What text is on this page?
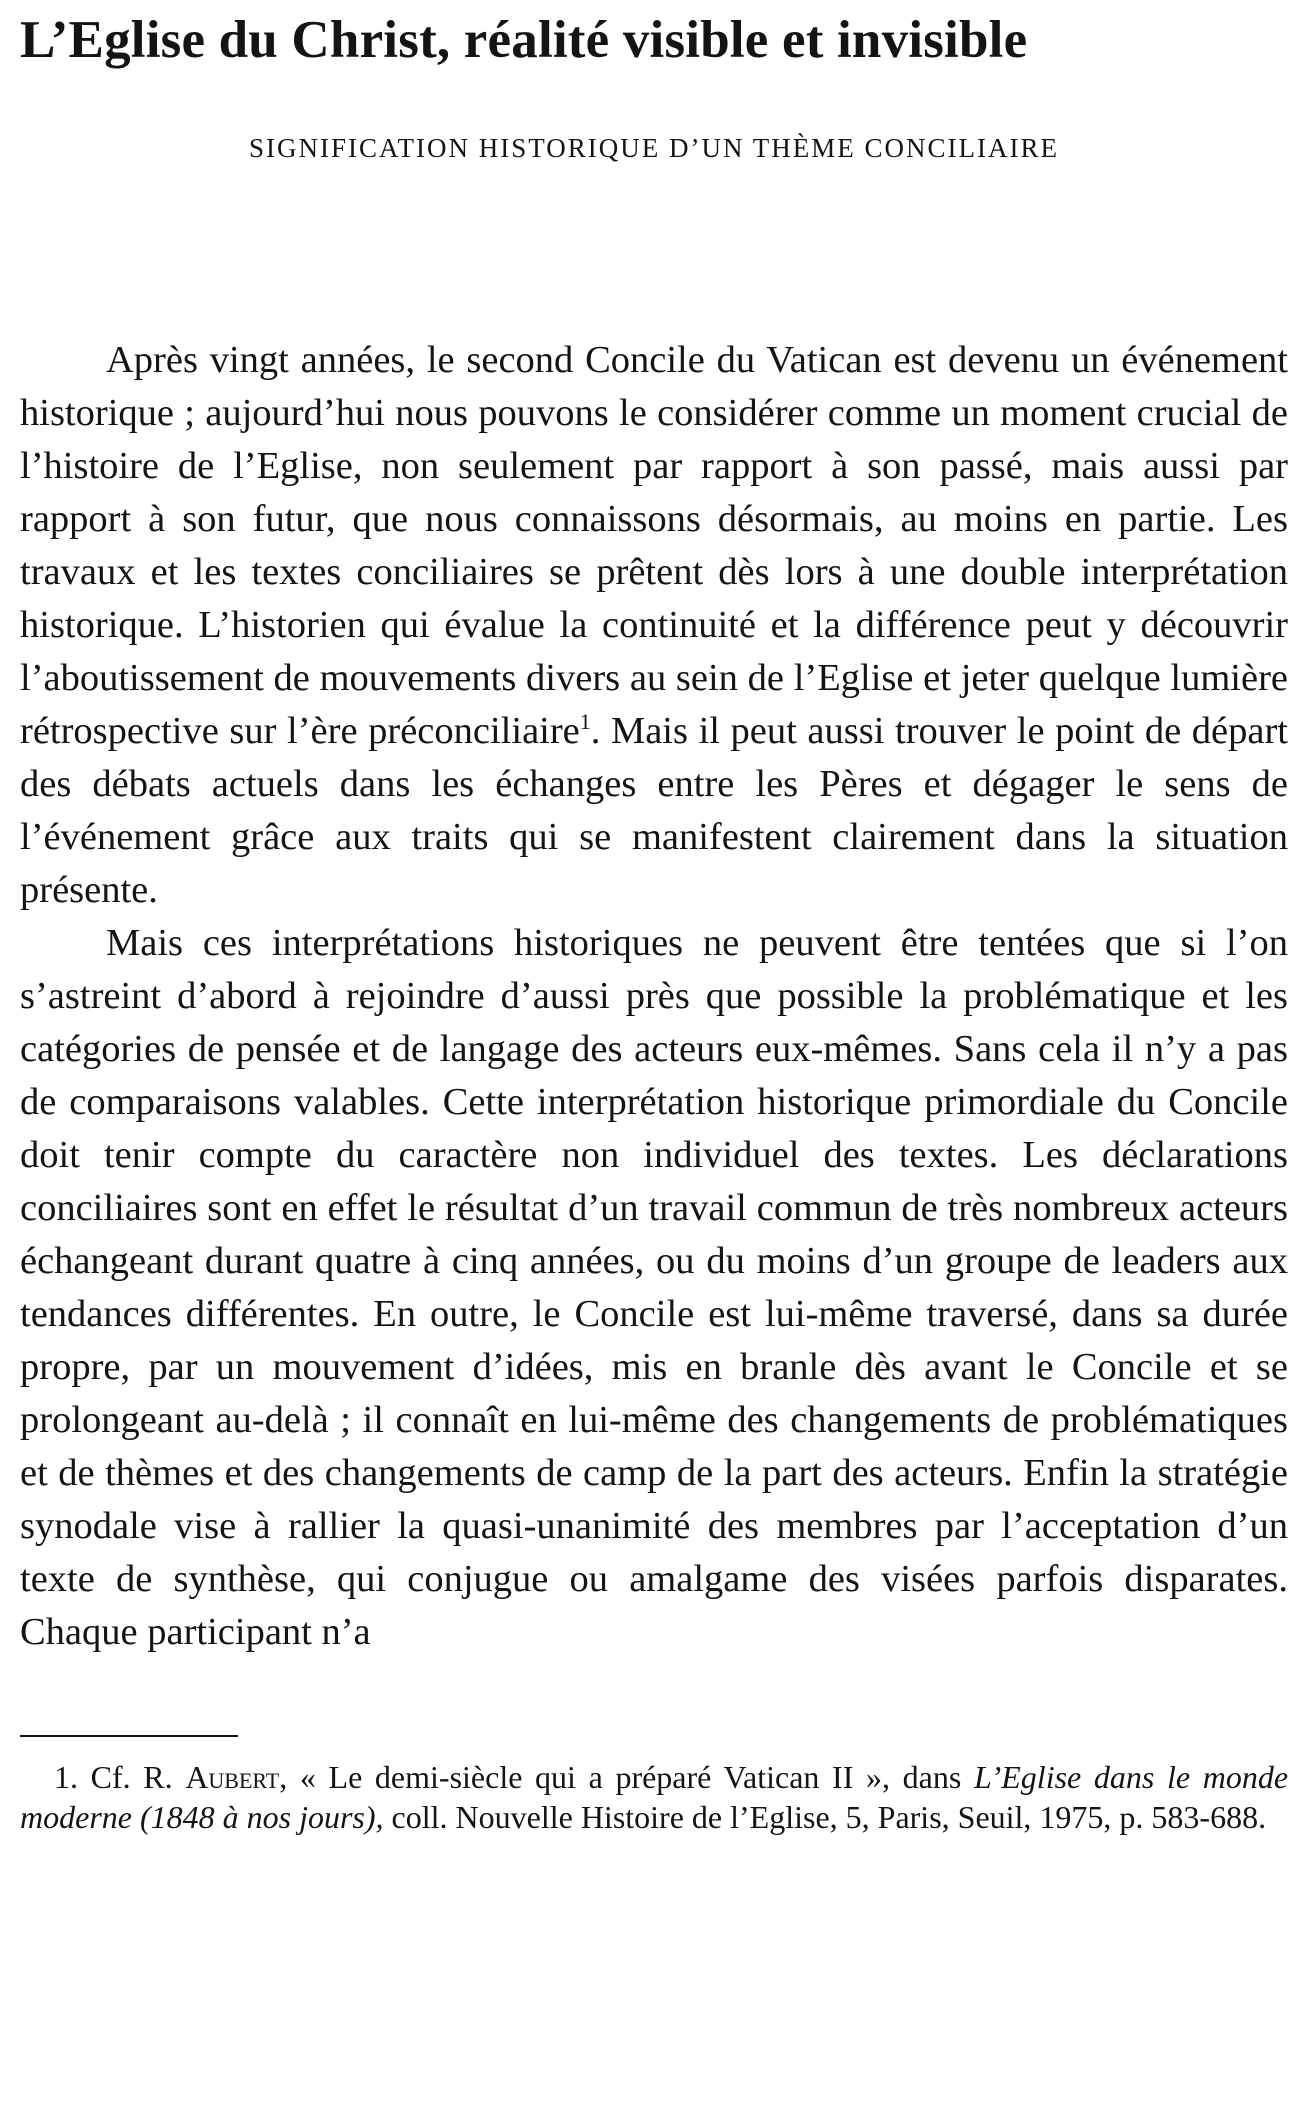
L’Eglise du Christ, réalité visible et invisible
SIGNIFICATION HISTORIQUE D’UN THÈME CONCILIAIRE

Après vingt années, le second Concile du Vatican est devenu un événement historique ; aujourd’hui nous pouvons le considérer comme un moment crucial de l’histoire de l’Eglise, non seulement par rapport à son passé, mais aussi par rapport à son futur, que nous connaissons désormais, au moins en partie. Les travaux et les textes conciliaires se prêtent dès lors à une double interprétation historique. L’historien qui évalue la continuité et la différence peut y découvrir l’aboutissement de mouvements divers au sein de l’Eglise et jeter quelque lumière rétrospective sur l’ère préconciliaire$^1$. Mais il peut aussi trouver le point de départ des débats actuels dans les échanges entre les Pères et dégager le sens de l’événement grâce aux traits qui se manifestent clairement dans la situation présente.

Mais ces interprétations historiques ne peuvent être tentées que si l’on s’astreint d’abord à rejoindre d’aussi près que possible la problématique et les catégories de pensée et de langage des acteurs eux-mêmes. Sans cela il n’y a pas de comparaisons valables. Cette interprétation historique primordiale du Concile doit tenir compte du caractère non individuel des textes. Les déclarations conciliaires sont en effet le résultat d’un travail commun de très nombreux acteurs échangeant durant quatre à cinq années, ou du moins d’un groupe de leaders aux tendances différentes. En outre, le Concile est lui-même traversé, dans sa durée propre, par un mouvement d’idées, mis en branle dès avant le Concile et se prolongeant au-delà ; il connaît en lui-même des changements de problématiques et de thèmes et des changements de camp de la part des acteurs. Enfin la stratégie synodale vise à rallier la quasi-unanimité des membres par l’acceptation d’un texte de synthèse, qui conjugue ou amalgame des visées parfois disparates. Chaque participant n’a

1. Cf. R. Aubert, « Le demi-siècle qui a préparé Vatican II », dans L’Eglise dans le monde moderne (1848 à nos jours), coll. Nouvelle Histoire de l’Eglise, 5, Paris, Seuil, 1975, p. 583-688.
